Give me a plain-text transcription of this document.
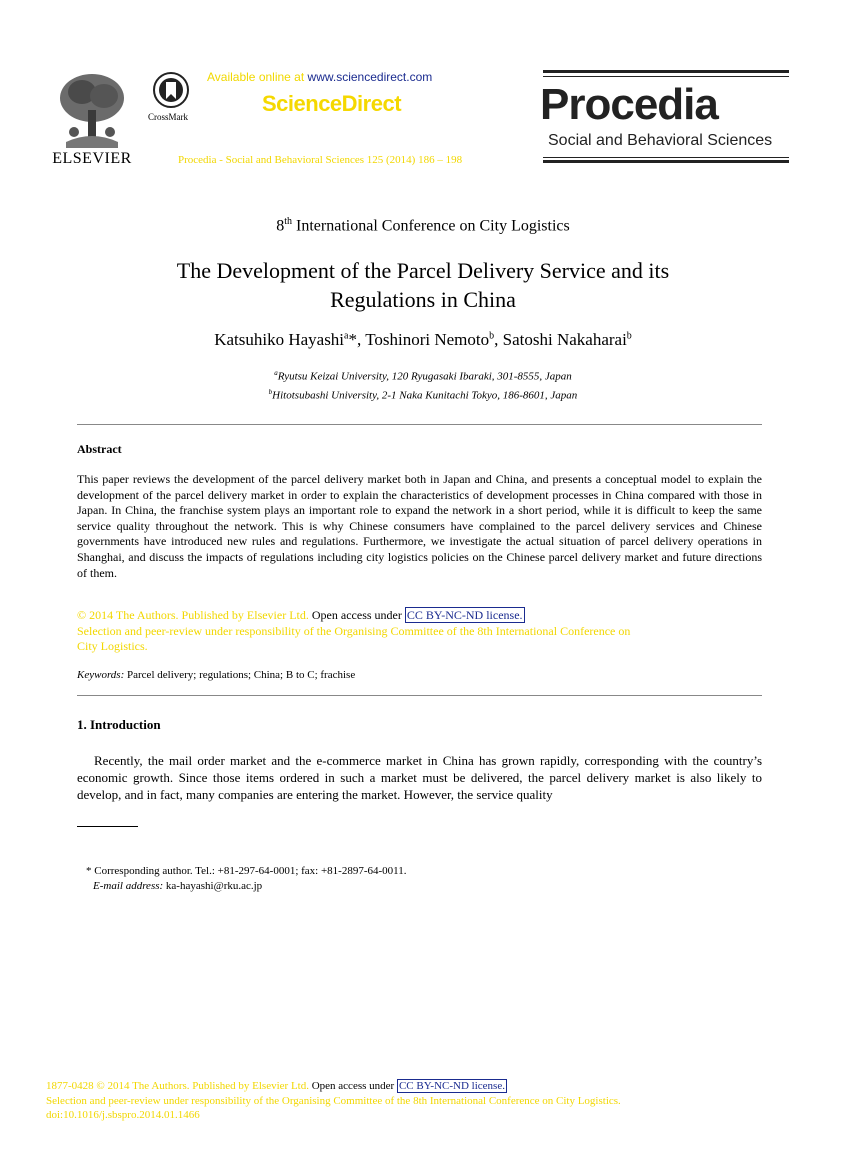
ELSEVIER
CrossMark
Available online at www.sciencedirect.com
ScienceDirect
Procedia - Social and Behavioral Sciences 125 (2014) 186 – 198
Procedia
Social and Behavioral Sciences
8th International Conference on City Logistics
The Development of the Parcel Delivery Service and its
Regulations in China
Katsuhiko Hayashi$^a$*, Toshinori Nemoto$^b$, Satoshi Nakaharai$^b$
$^a$Ryutsu Keizai University, 120 Ryugasaki Ibaraki, 301-8555, Japan
$^b$Hitotsubashi University, 2-1 Naka Kunitachi Tokyo, 186-8601, Japan
Abstract
This paper reviews the development of the parcel delivery market both in Japan and China, and presents a conceptual model to explain the development of the parcel delivery market in order to explain the characteristics of development processes in China compared with those in Japan. In China, the franchise system plays an important role to expand the network in a short period, while it is difficult to keep the same service quality throughout the network. This is why Chinese consumers have complained to the parcel delivery services and Chinese governments have introduced new rules and regulations. Furthermore, we investigate the actual situation of parcel delivery operations in Shanghai, and discuss the impacts of regulations including city logistics policies on the Chinese parcel delivery market and future directions of them.
© 2014 The Authors. Published by Elsevier Ltd. Open access under CC BY-NC-ND license.
Selection and peer-review under responsibility of the Organising Committee of the 8th International Conference on
City Logistics.
Keywords: Parcel delivery; regulations; China; B to C; frachise
1. Introduction
Recently, the mail order market and the e-commerce market in China has grown rapidly, corresponding with the country’s economic growth. Since those items ordered in such a market must be delivered, the parcel delivery market is also likely to develop, and in fact, many companies are entering the market. However, the service quality
* Corresponding author. Tel.: +81-297-64-0001; fax: +81-2897-64-0011.
E-mail address: ka-hayashi@rku.ac.jp
1877-0428 © 2014 The Authors. Published by Elsevier Ltd. Open access under CC BY-NC-ND license.
Selection and peer-review under responsibility of the Organising Committee of the 8th International Conference on City Logistics.
doi:10.1016/j.sbspro.2014.01.1466
